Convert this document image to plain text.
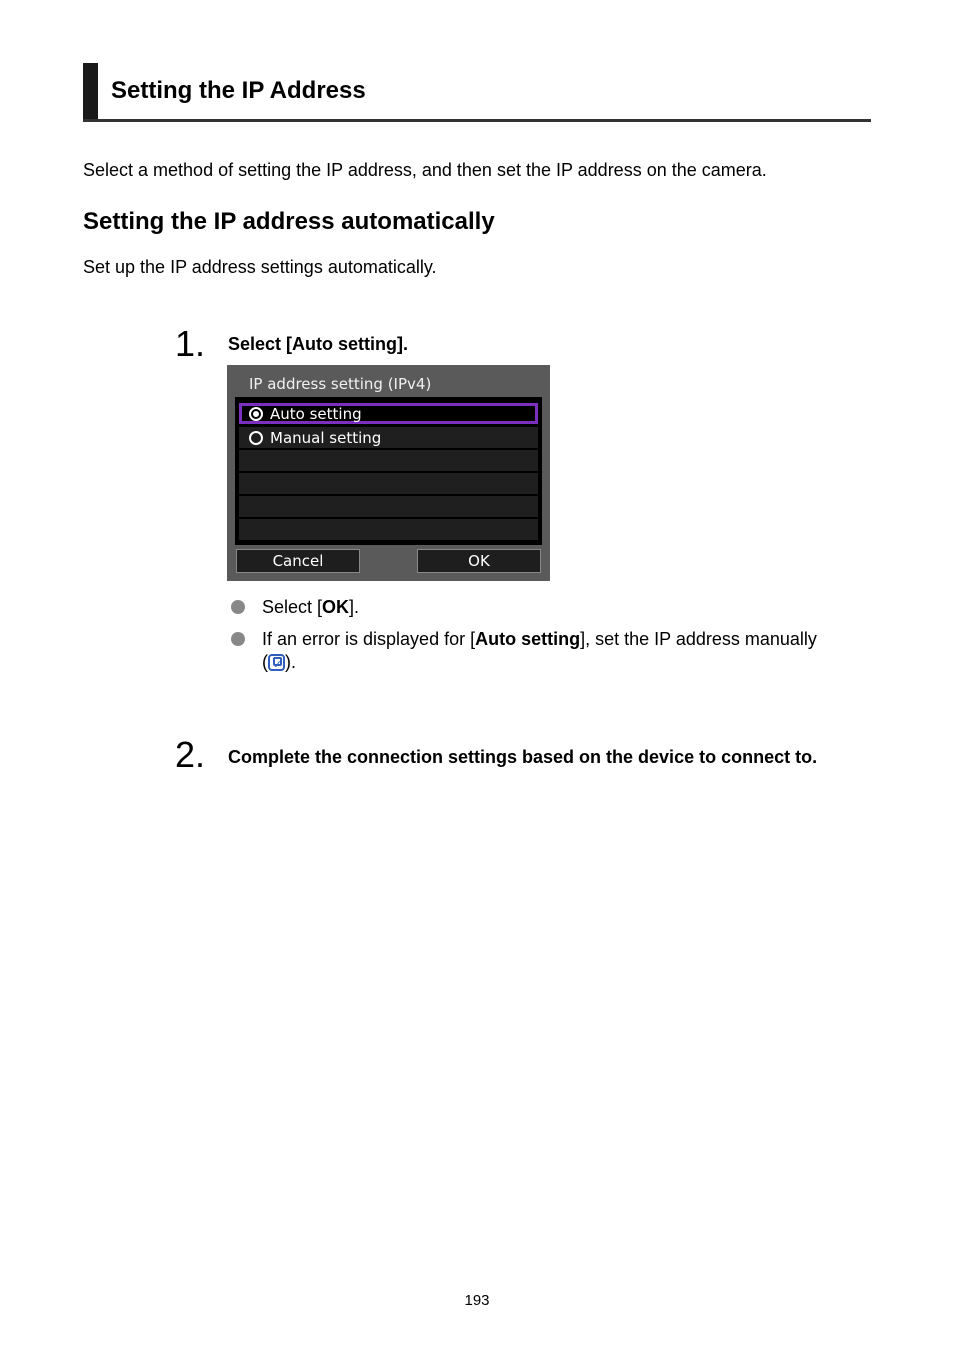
Setting the IP Address
Select a method of setting the IP address, and then set the IP address on the camera.
Setting the IP address automatically
Set up the IP address settings automatically.
1. Select [Auto setting].
IP address setting (IPv4)
Auto setting
Manual setting
Cancel	OK
Select [OK].
If an error is displayed for [Auto setting], set the IP address manually
(✓ ).
2. Complete the connection settings based on the device to connect to.
193
